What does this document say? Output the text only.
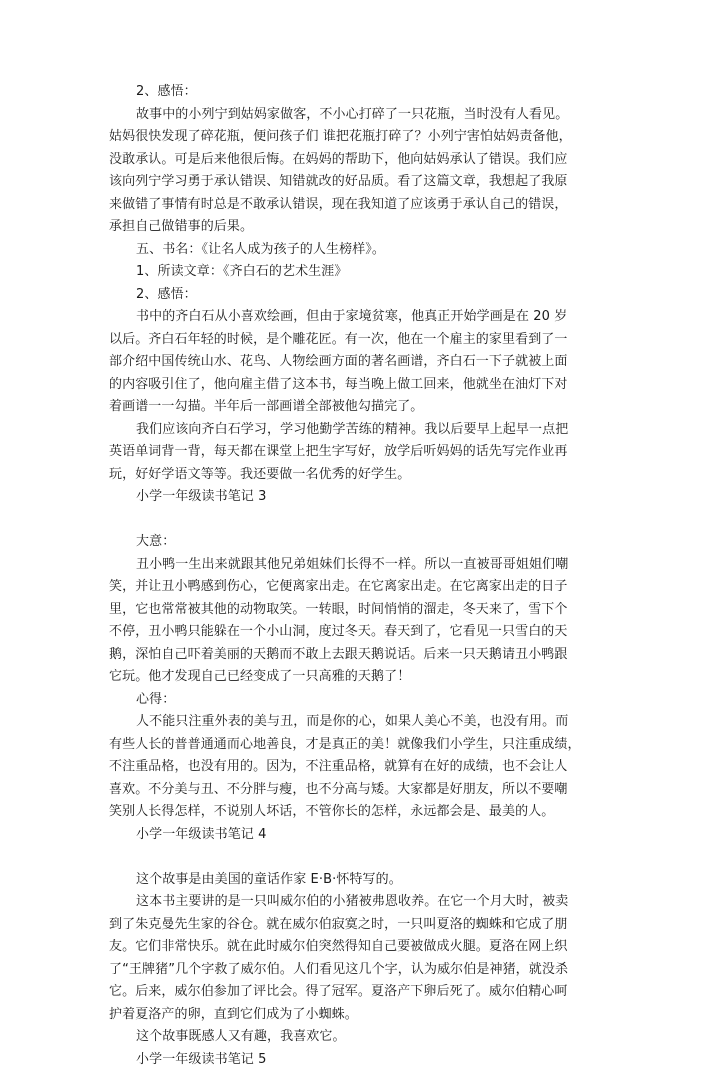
2、感悟：
故事中的小列宁到姑妈家做客，不小心打碎了一只花瓶，当时没有人看见。
姑妈很快发现了碎花瓶，便问孩子们 谁把花瓶打碎了？小列宁害怕姑妈责备他，
没敢承认。可是后来他很后悔。在妈妈的帮助下，他向姑妈承认了错误。我们应
该向列宁学习勇于承认错误、知错就改的好品质。看了这篇文章，我想起了我原
来做错了事情有时总是不敢承认错误，现在我知道了应该勇于承认自己的错误，
承担自己做错事的后果。
五、书名：《让名人成为孩子的人生榜样》。
1、所读文章：《齐白石的艺术生涯》
2、感悟：
书中的齐白石从小喜欢绘画，但由于家境贫寒，他真正开始学画是在 20 岁
以后。齐白石年轻的时候，是个雕花匠。有一次，他在一个雇主的家里看到了一
部介绍中国传统山水、花鸟、人物绘画方面的著名画谱，齐白石一下子就被上面
的内容吸引住了，他向雇主借了这本书，每当晚上做工回来，他就坐在油灯下对
着画谱一一勾描。半年后一部画谱全部被他勾描完了。
我们应该向齐白石学习，学习他勤学苦练的精神。我以后要早上起早一点把
英语单词背一背，每天都在课堂上把生字写好，放学后听妈妈的话先写完作业再
玩，好好学语文等等。我还要做一名优秀的好学生。
小学一年级读书笔记 3
大意：
丑小鸭一生出来就跟其他兄弟姐妹们长得不一样。所以一直被哥哥姐姐们嘲
笑，并让丑小鸭感到伤心，它便离家出走。在它离家出走。在它离家出走的日子
里，它也常常被其他的动物取笑。一转眼，时间悄悄的溜走，冬天来了，雪下个
不停，丑小鸭只能躲在一个小山洞，度过冬天。春天到了，它看见一只雪白的天
鹅，深怕自己吓着美丽的天鹅而不敢上去跟天鹅说话。后来一只天鹅请丑小鸭跟
它玩。他才发现自己已经变成了一只高雅的天鹅了！
心得：
人不能只注重外表的美与丑，而是你的心，如果人美心不美，也没有用。而
有些人长的普普通通而心地善良，才是真正的美！就像我们小学生，只注重成绩，
不注重品格，也没有用的。因为，不注重品格，就算有在好的成绩，也不会让人
喜欢。不分美与丑、不分胖与瘦，也不分高与矮。大家都是好朋友，所以不要嘲
笑别人长得怎样，不说别人坏话，不管你长的怎样，永远都会是、最美的人。
小学一年级读书笔记 4
这个故事是由美国的童话作家 E·B·怀特写的。
这本书主要讲的是一只叫威尔伯的小猪被弗恩收养。在它一个月大时，被卖
到了朱克曼先生家的谷仓。就在威尔伯寂寞之时，一只叫夏洛的蜘蛛和它成了朋
友。它们非常快乐。就在此时威尔伯突然得知自己要被做成火腿。夏洛在网上织
了“王牌猪”几个字救了威尔伯。人们看见这几个字，认为威尔伯是神猪，就没杀
它。后来，威尔伯参加了评比会。得了冠军。夏洛产下卵后死了。威尔伯精心呵
护着夏洛产的卵，直到它们成为了小蜘蛛。
这个故事既感人又有趣，我喜欢它。
小学一年级读书笔记 5
